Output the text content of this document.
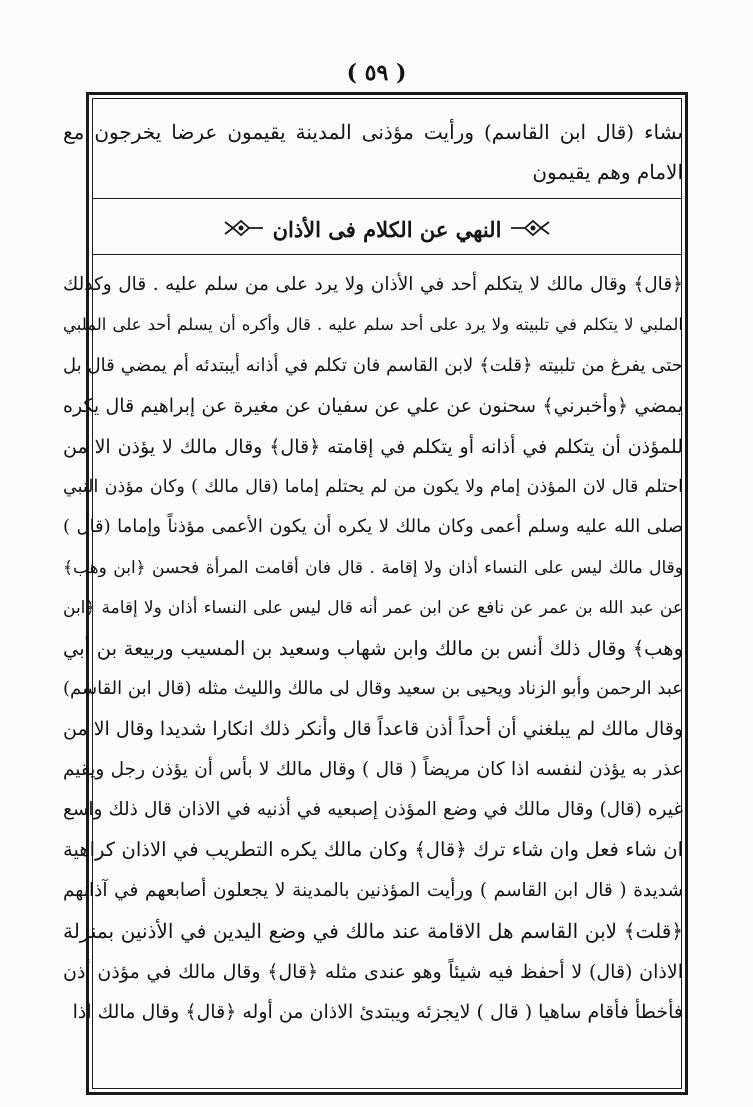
( ٥٩ )
ىشاء (قال ابن القاسم) ورأيت مؤذنى المدينة يقيمون عرضا يخرجون مع الامام وهم يقيمون
النهي عن الكلام فى الأذان
﴿قال﴾ وقال مالك لا يتكلم أحد في الأذان ولا يرد على من سلم عليه . قال وكذلك
الملبي لا يتكلم في تلبيته ولا يرد على أحد سلم عليه . قال وأكره أن يسلم أحد على الملبي
حتى يفرغ من تلبيته ﴿قلت﴾ لابن القاسم فان تكلم في أذانه أيبتدئه أم يمضي قال بل
يمضي ﴿وأخبرني﴾ سحنون عن علي عن سفيان عن مغيرة عن إبراهيم قال يكره
للمؤذن أن يتكلم في أذانه أو يتكلم في إقامته ﴿قال﴾ وقال مالك لا يؤذن الا من
احتلم قال لان المؤذن إمام ولا يكون من لم يحتلم إماما (قال مالك ) وكان مؤذن النبي
صلى الله عليه وسلم أعمى وكان مالك لا يكره أن يكون الأعمى مؤذناً وإماما (قال )
وقال مالك ليس على النساء أذان ولا إقامة . قال فان أقامت المرأة فحسن ﴿ابن وهب﴾
عن عبد الله بن عمر عن نافع عن ابن عمر أنه قال ليس على النساء أذان ولا إقامة ﴿ابن
وهب﴾ وقال ذلك أنس بن مالك وابن شهاب وسعيد بن المسيب وربيعة بن أبي
عبد الرحمن وأبو الزناد ويحيى بن سعيد وقال لى مالك والليث مثله (قال ابن القاسم)
وقال مالك لم يبلغني أن أحداً أذن قاعداً قال وأنكر ذلك انكارا شديدا وقال الا من
عذر به يؤذن لنفسه اذا كان مريضاً ( قال ) وقال مالك لا بأس أن يؤذن رجل ويقيم
غيره (قال) وقال مالك في وضع المؤذن إصبعيه في أذنيه في الاذان قال ذلك واسع
ان شاء فعل وان شاء ترك ﴿قال﴾ وكان مالك يكره التطريب في الاذان كراهية
شديدة ( قال ابن القاسم ) ورأيت المؤذنين بالمدينة لا يجعلون أصابعهم في آذانهم
﴿قلت﴾ لابن القاسم هل الاقامة عند مالك في وضع اليدين في الأذنين بمنزلة
الاذان (قال) لا أحفظ فيه شيئاً وهو عندى مثله ﴿قال﴾ وقال مالك في مؤذن أذن
فأخطأ فأقام ساهيا ( قال ) لايجزئه ويبتدئ الاذان من أوله ﴿قال﴾ وقال مالك اذا
